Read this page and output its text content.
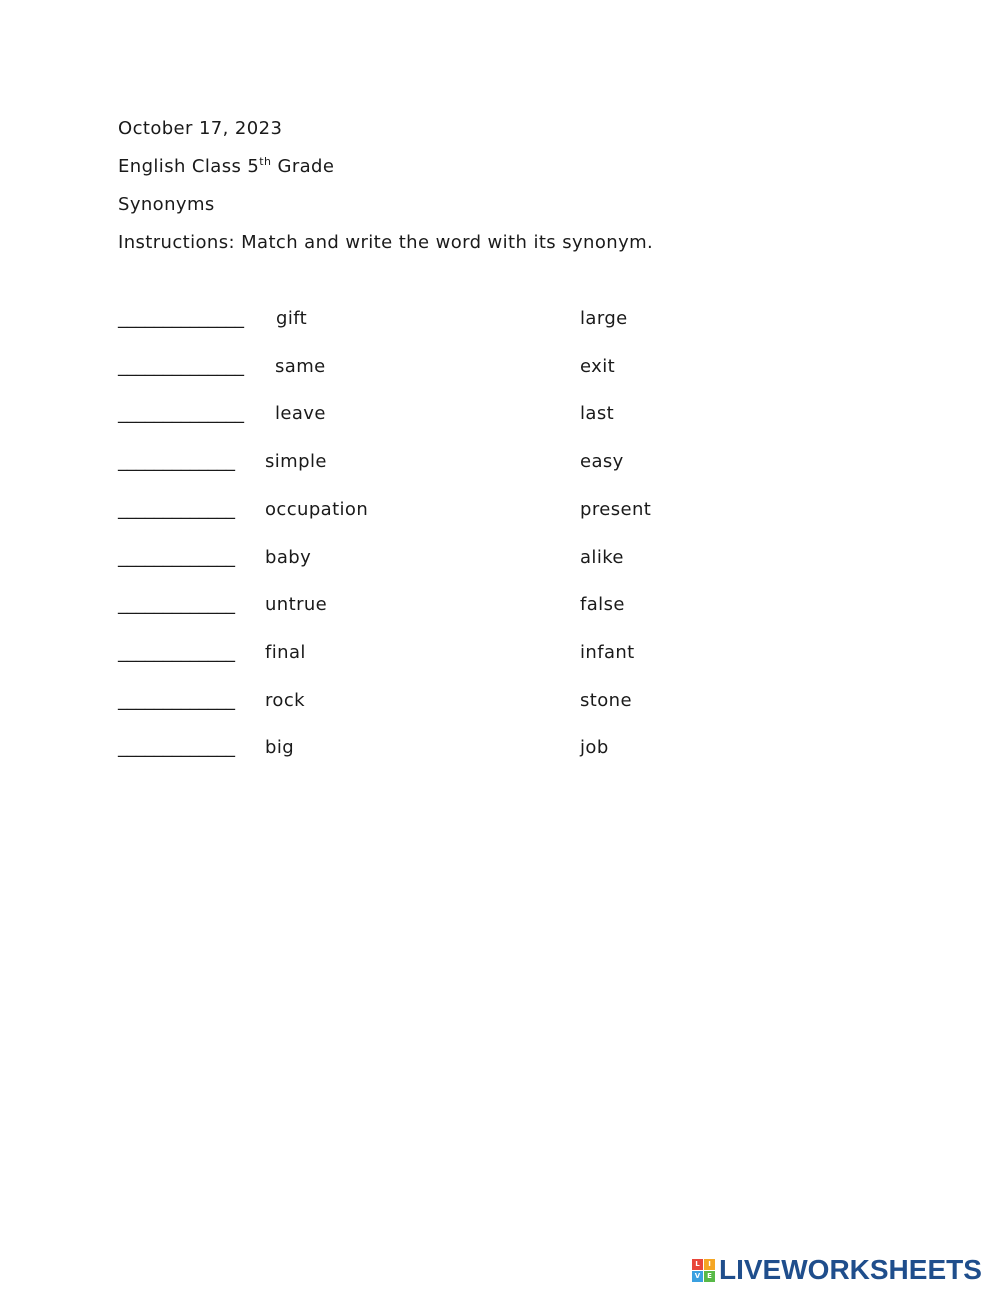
October 17, 2023
English Class 5th Grade
Synonyms
Instructions: Match and write the word with its synonym.
______________ gift	large
______________ same	exit
______________ leave	last
_____________ simple	easy
_____________ occupation	present
_____________ baby	alike
_____________ untrue	false
_____________ final	infant
_____________ rock	stone
_____________ big	job
L	I
V E LIVEWORKSHEETS
